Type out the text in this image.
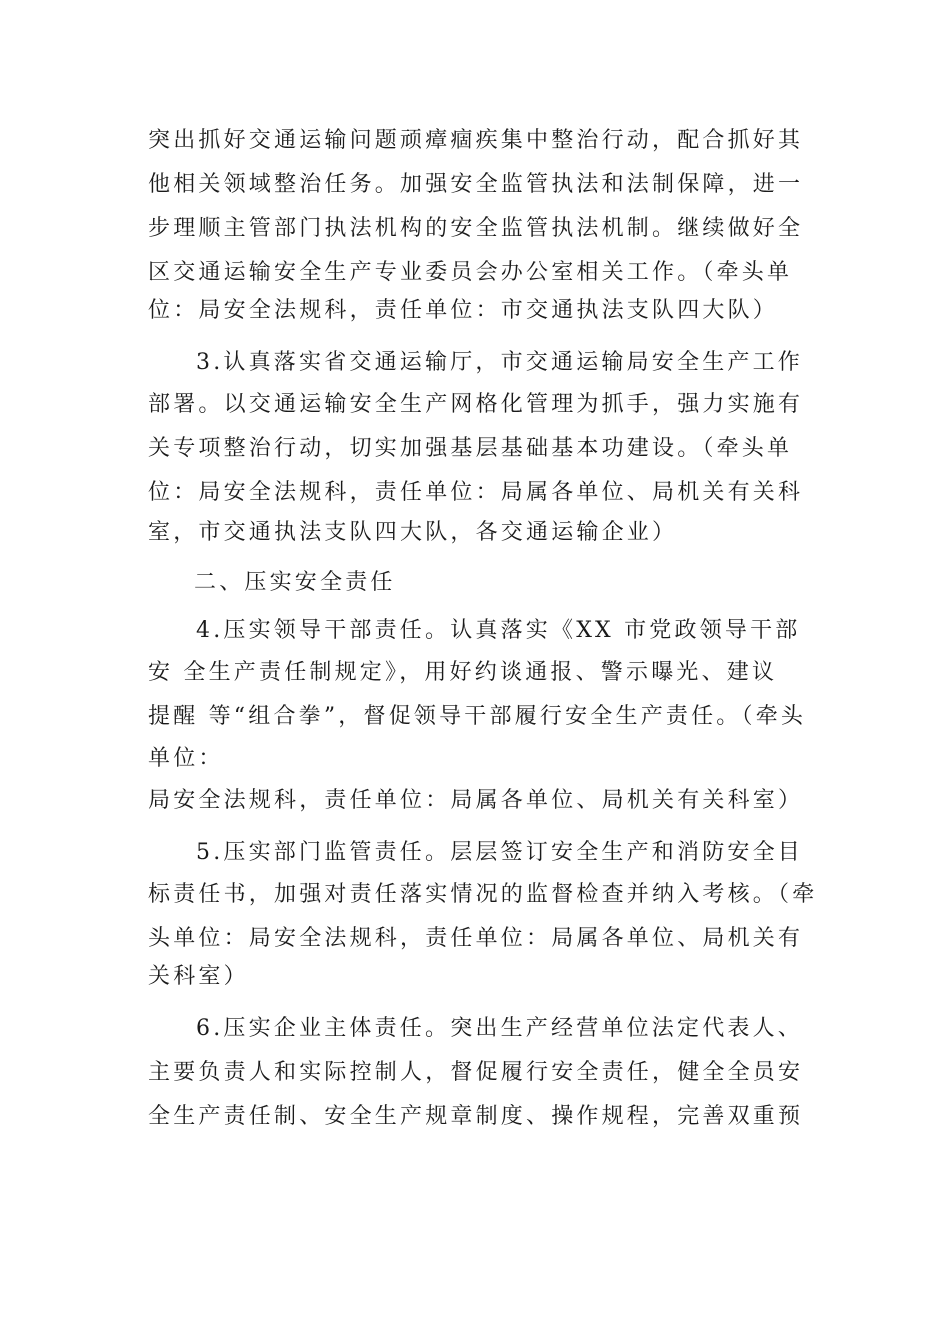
突出抓好交通运输问题顽瘴痼疾集中整治行动，配合抓好其
他相关领域整治任务。加强安全监管执法和法制保障，进一
步理顺主管部门执法机构的安全监管执法机制。继续做好全
区交通运输安全生产专业委员会办公室相关工作。（牵头单
位：局安全法规科，责任单位：市交通执法支队四大队）
3.认真落实省交通运输厅，市交通运输局安全生产工作
部署。以交通运输安全生产网格化管理为抓手，强力实施有
关专项整治行动，切实加强基层基础基本功建设。（牵头单
位：局安全法规科，责任单位：局属各单位、局机关有关科
室，市交通执法支队四大队，各交通运输企业）
二、压实安全责任
4.压实领导干部责任。认真落实《XX 市党政领导干部
安 全生产责任制规定》，用好约谈通报、警示曝光、建议
提醒 等“组合拳”，督促领导干部履行安全生产责任。（牵头
单位：
局安全法规科，责任单位：局属各单位、局机关有关科室）
5.压实部门监管责任。层层签订安全生产和消防安全目
标责任书，加强对责任落实情况的监督检查并纳入考核。（牵
头单位：局安全法规科，责任单位：局属各单位、局机关有
关科室）
6.压实企业主体责任。突出生产经营单位法定代表人、
主要负责人和实际控制人，督促履行安全责任，健全全员安
全生产责任制、安全生产规章制度、操作规程，完善双重预
